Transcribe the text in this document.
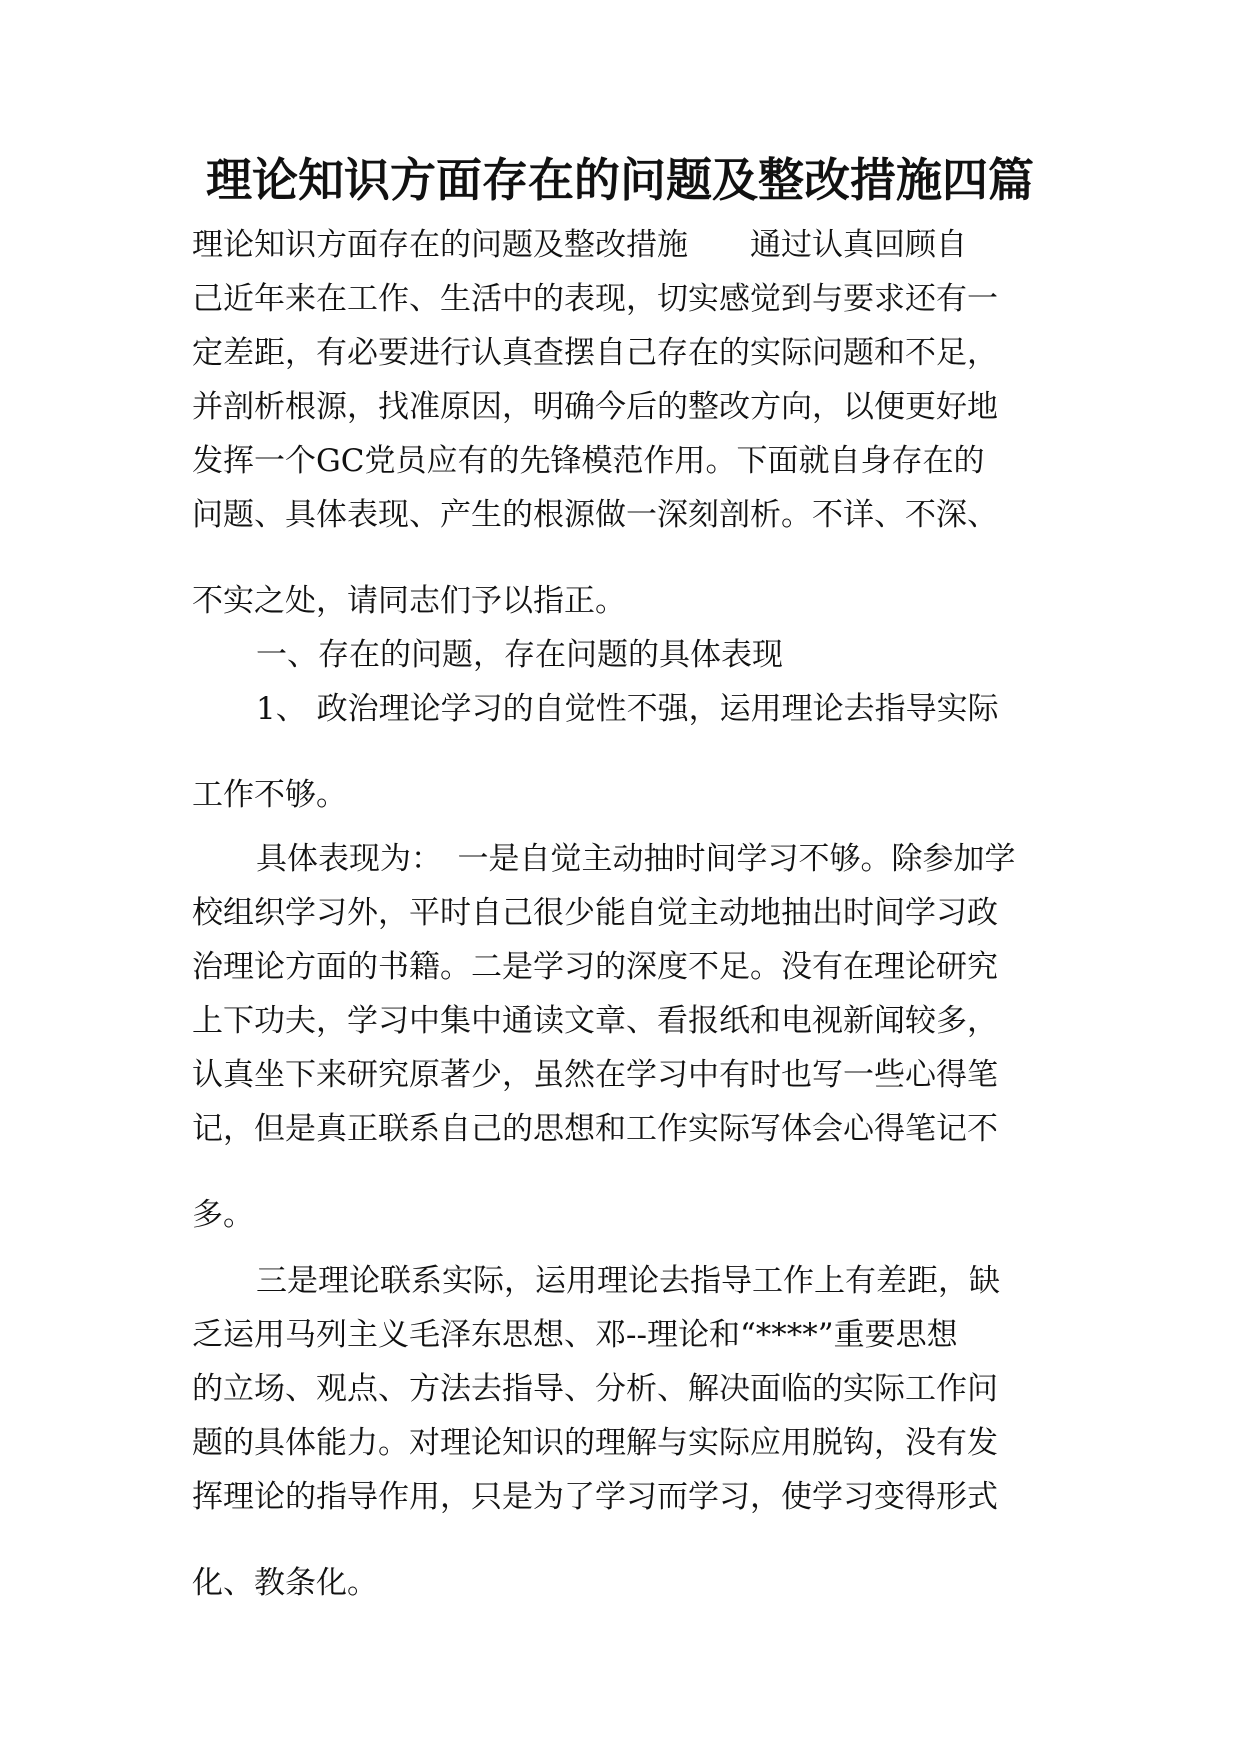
理论知识方面存在的问题及整改措施四篇
理论知识方面存在的问题及整改措施　　通过认真回顾自
己近年来在工作、生活中的表现，切实感觉到与要求还有一
定差距，有必要进行认真查摆自己存在的实际问题和不足，
并剖析根源，找准原因，明确今后的整改方向，以便更好地
发挥一个GC党员应有的先锋模范作用。下面就自身存在的
问题、具体表现、产生的根源做一深刻剖析。不详、不深、
不实之处，请同志们予以指正。
一、存在的问题，存在问题的具体表现
1、 政治理论学习的自觉性不强，运用理论去指导实际
工作不够。
具体表现为：　一是自觉主动抽时间学习不够。除参加学
校组织学习外，平时自己很少能自觉主动地抽出时间学习政
治理论方面的书籍。二是学习的深度不足。没有在理论研究
上下功夫，学习中集中通读文章、看报纸和电视新闻较多，
认真坐下来研究原著少，虽然在学习中有时也写一些心得笔
记，但是真正联系自己的思想和工作实际写体会心得笔记不
多。
三是理论联系实际，运用理论去指导工作上有差距，缺
乏运用马列主义毛泽东思想、邓--理论和“****”重要思想
的立场、观点、方法去指导、分析、解决面临的实际工作问
题的具体能力。对理论知识的理解与实际应用脱钩，没有发
挥理论的指导作用，只是为了学习而学习，使学习变得形式
化、教条化。
